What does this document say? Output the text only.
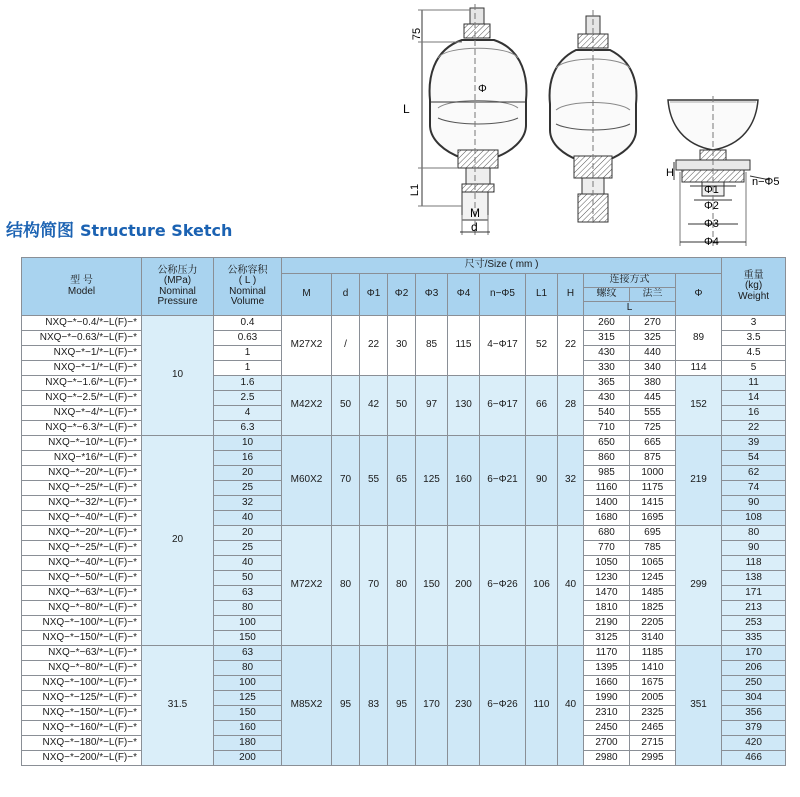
75
L
L1
Φ
M
d
H
Φ1
Φ2
Φ3
Φ4
n−Φ5
结构简图 Structure Sketch
型 号
Model	公称压力
(MPa)
Nominal
Pressure	公称容积
( L )
Nominal
Volume	尺寸/Size ( mm )												重量
(kg)
Weight
			M	d	Φ1	Φ2	Φ3	Φ4	n−Φ5	L1	H	连接方式		Φ	
												螺纹	法兰		
												L			
NXQ−*−0.4/*−L(F)−*	10	0.4	M27X2	/	22	30	85	115	4−Φ17	52	22	260	270	89	3
NXQ−*−0.63/*−L(F)−*		0.63										315	325		3.5
NXQ−*−1/*−L(F)−*		1										430	440		4.5
NXQ−*−1/*−L(F)−*		1										330	340	114	5
NXQ−*−1.6/*−L(F)−*		1.6	M42X2	50	42	50	97	130	6−Φ17	66	28	365	380	152	11
NXQ−*−2.5/*−L(F)−*		2.5										430	445		14
NXQ−*−4/*−L(F)−*		4										540	555		16
NXQ−*−6.3/*−L(F)−*		6.3										710	725		22
NXQ−*−10/*−L(F)−*	20	10	M60X2	70	55	65	125	160	6−Φ21	90	32	650	665	219	39
NXQ−*16/*−L(F)−*		16										860	875		54
NXQ−*−20/*−L(F)−*		20										985	1000		62
NXQ−*−25/*−L(F)−*		25										1160	1175		74
NXQ−*−32/*−L(F)−*		32										1400	1415		90
NXQ−*−40/*−L(F)−*		40										1680	1695		108
NXQ−*−20/*−L(F)−*		20	M72X2	80	70	80	150	200	6−Φ26	106	40	680	695	299	80
NXQ−*−25/*−L(F)−*		25										770	785		90
NXQ−*−40/*−L(F)−*		40										1050	1065		118
NXQ−*−50/*−L(F)−*		50										1230	1245		138
NXQ−*−63/*−L(F)−*		63										1470	1485		171
NXQ−*−80/*−L(F)−*		80										1810	1825		213
NXQ−*−100/*−L(F)−*		100										2190	2205		253
NXQ−*−150/*−L(F)−*		150										3125	3140		335
NXQ−*−63/*−L(F)−*	31.5	63	M85X2	95	83	95	170	230	6−Φ26	110	40	1170	1185	351	170
NXQ−*−80/*−L(F)−*		80										1395	1410		206
NXQ−*−100/*−L(F)−*		100										1660	1675		250
NXQ−*−125/*−L(F)−*		125										1990	2005		304
NXQ−*−150/*−L(F)−*		150										2310	2325		356
NXQ−*−160/*−L(F)−*		160										2450	2465		379
NXQ−*−180/*−L(F)−*		180										2700	2715		420
NXQ−*−200/*−L(F)−*		200										2980	2995		466
